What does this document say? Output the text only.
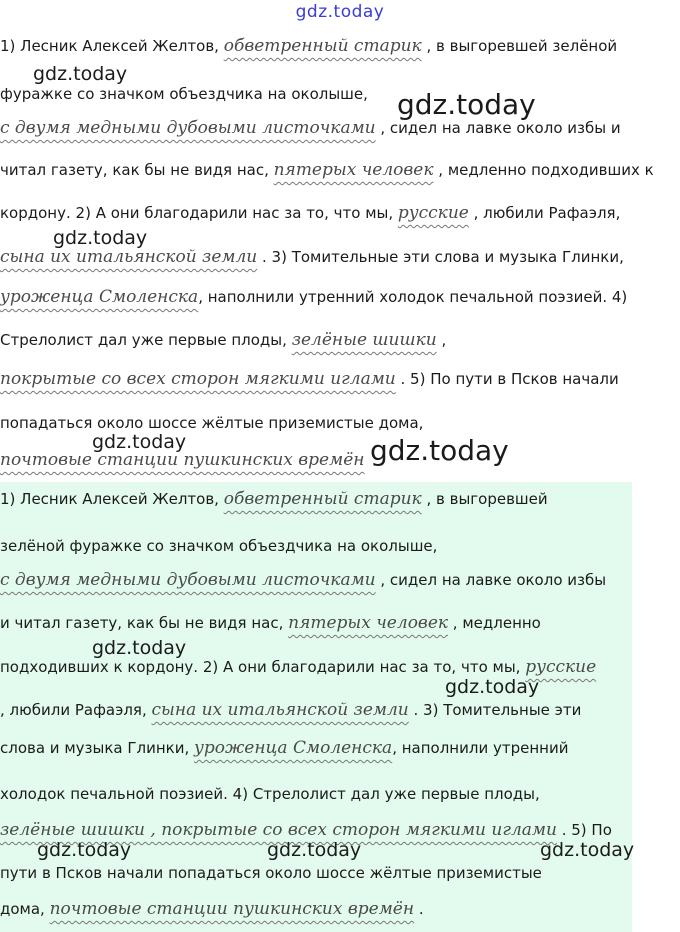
gdz.today
1) Лесник Алексей Желтов, обветренный старик , в выгоревшей зелёной
фуражке со значком объездчика на околыше,
с двумя медными дубовыми листочками , сидел на лавке около избы и
читал газету, как бы не видя нас, пятерых человек , медленно подходивших к
кордону. 2) А они благодарили нас за то, что мы, русские , любили Рафаэля,
сына их итальянской земли . 3) Томительные эти слова и музыка Глинки,
уроженца Смоленска, наполнили утренний холодок печальной поэзией. 4)
Стрелолист дал уже первые плоды, зелёные шишки ,
покрытые со всех сторон мягкими иглами . 5) По пути в Псков начали
попадаться около шоссе жёлтые приземистые дома,
почтовые станции пушкинских времён
1) Лесник Алексей Желтов, обветренный старик , в выгоревшей
зелёной фуражке со значком объездчика на околыше,
с двумя медными дубовыми листочками , сидел на лавке около избы
и читал газету, как бы не видя нас, пятерых человек , медленно
подходивших к кордону. 2) А они благодарили нас за то, что мы, русские
, любили Рафаэля, сына их итальянской земли . 3) Томительные эти
слова и музыка Глинки, уроженца Смоленска, наполнили утренний
холодок печальной поэзией. 4) Стрелолист дал уже первые плоды,
зелёные шишки , покрытые со всех сторон мягкими иглами . 5) По
пути в Псков начали попадаться около шоссе жёлтые приземистые
дома, почтовые станции пушкинских времён .
gdz.today
gdz.today
gdz.today
gdz.today	gdz.today
gdz.today
gdz.today
gdz.today	gdz.today	gdz.today
